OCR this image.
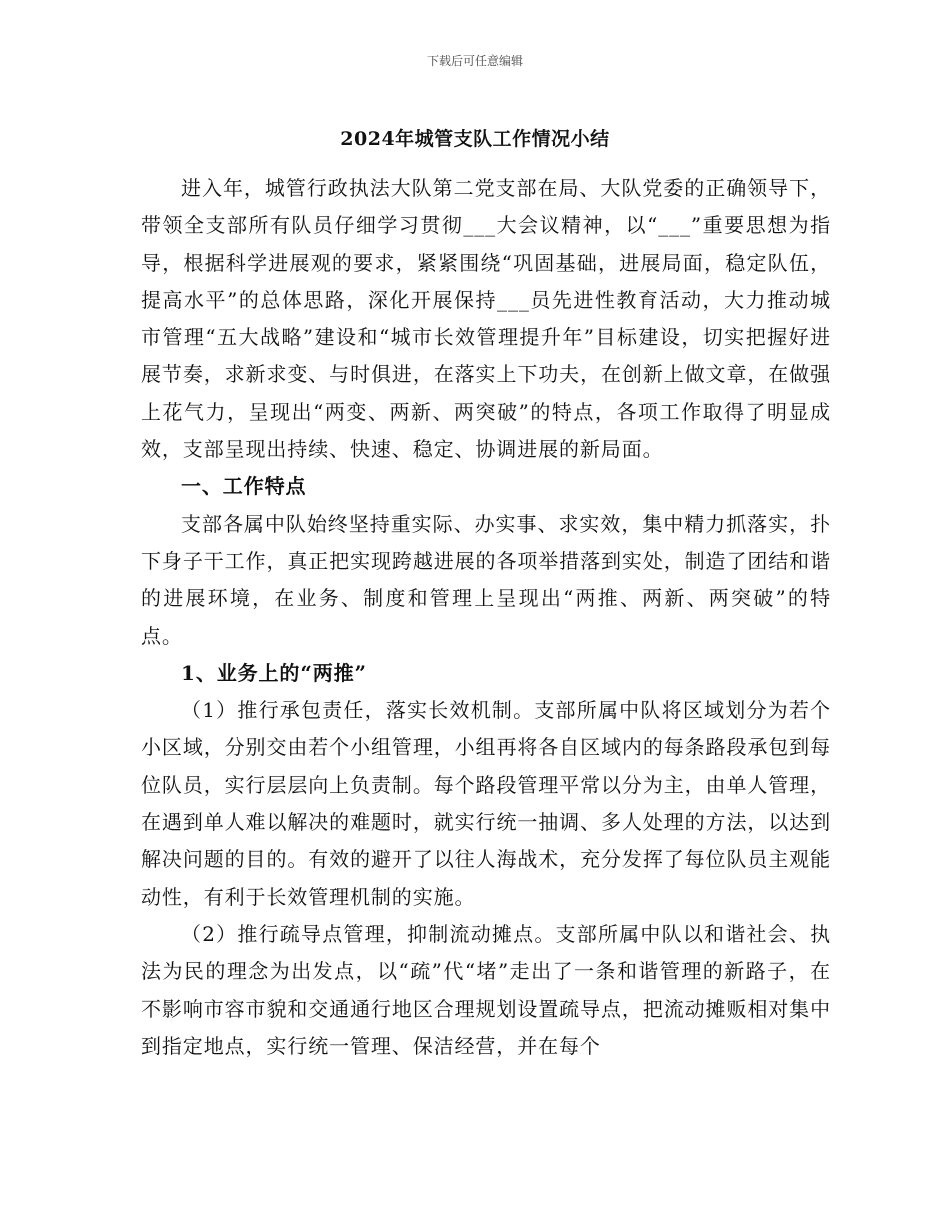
下载后可任意编辑
2024年城管支队工作情况小结

进入年，城管行政执法大队第二党支部在局、大队党委的正确领导下，带领全支部所有队员仔细学习贯彻___大会议精神，以“___”重要思想为指导，根据科学进展观的要求，紧紧围绕“巩固基础，进展局面，稳定队伍，提高水平”的总体思路，深化开展保持___员先进性教育活动，大力推动城市管理“五大战略”建设和“城市长效管理提升年”目标建设，切实把握好进展节奏，求新求变、与时俱进，在落实上下功夫，在创新上做文章，在做强上花气力，呈现出“两变、两新、两突破”的特点，各项工作取得了明显成效，支部呈现出持续、快速、稳定、协调进展的新局面。

一、工作特点

支部各属中队始终坚持重实际、办实事、求实效，集中精力抓落实，扑下身子干工作，真正把实现跨越进展的各项举措落到实处，制造了团结和谐的进展环境，在业务、制度和管理上呈现出“两推、两新、两突破”的特点。

1、业务上的“两推”

（1）推行承包责任，落实长效机制。支部所属中队将区域划分为若个小区域，分别交由若个小组管理，小组再将各自区域内的每条路段承包到每位队员，实行层层向上负责制。每个路段管理平常以分为主，由单人管理，在遇到单人难以解决的难题时，就实行统一抽调、多人处理的方法，以达到解决问题的目的。有效的避开了以往人海战术，充分发挥了每位队员主观能动性，有利于长效管理机制的实施。

（2）推行疏导点管理，抑制流动摊点。支部所属中队以和谐社会、执法为民的理念为出发点，以“疏”代“堵”走出了一条和谐管理的新路子，在不影响市容市貌和交通通行地区合理规划设置疏导点，把流动摊贩相对集中到指定地点，实行统一管理、保洁经营，并在每个
